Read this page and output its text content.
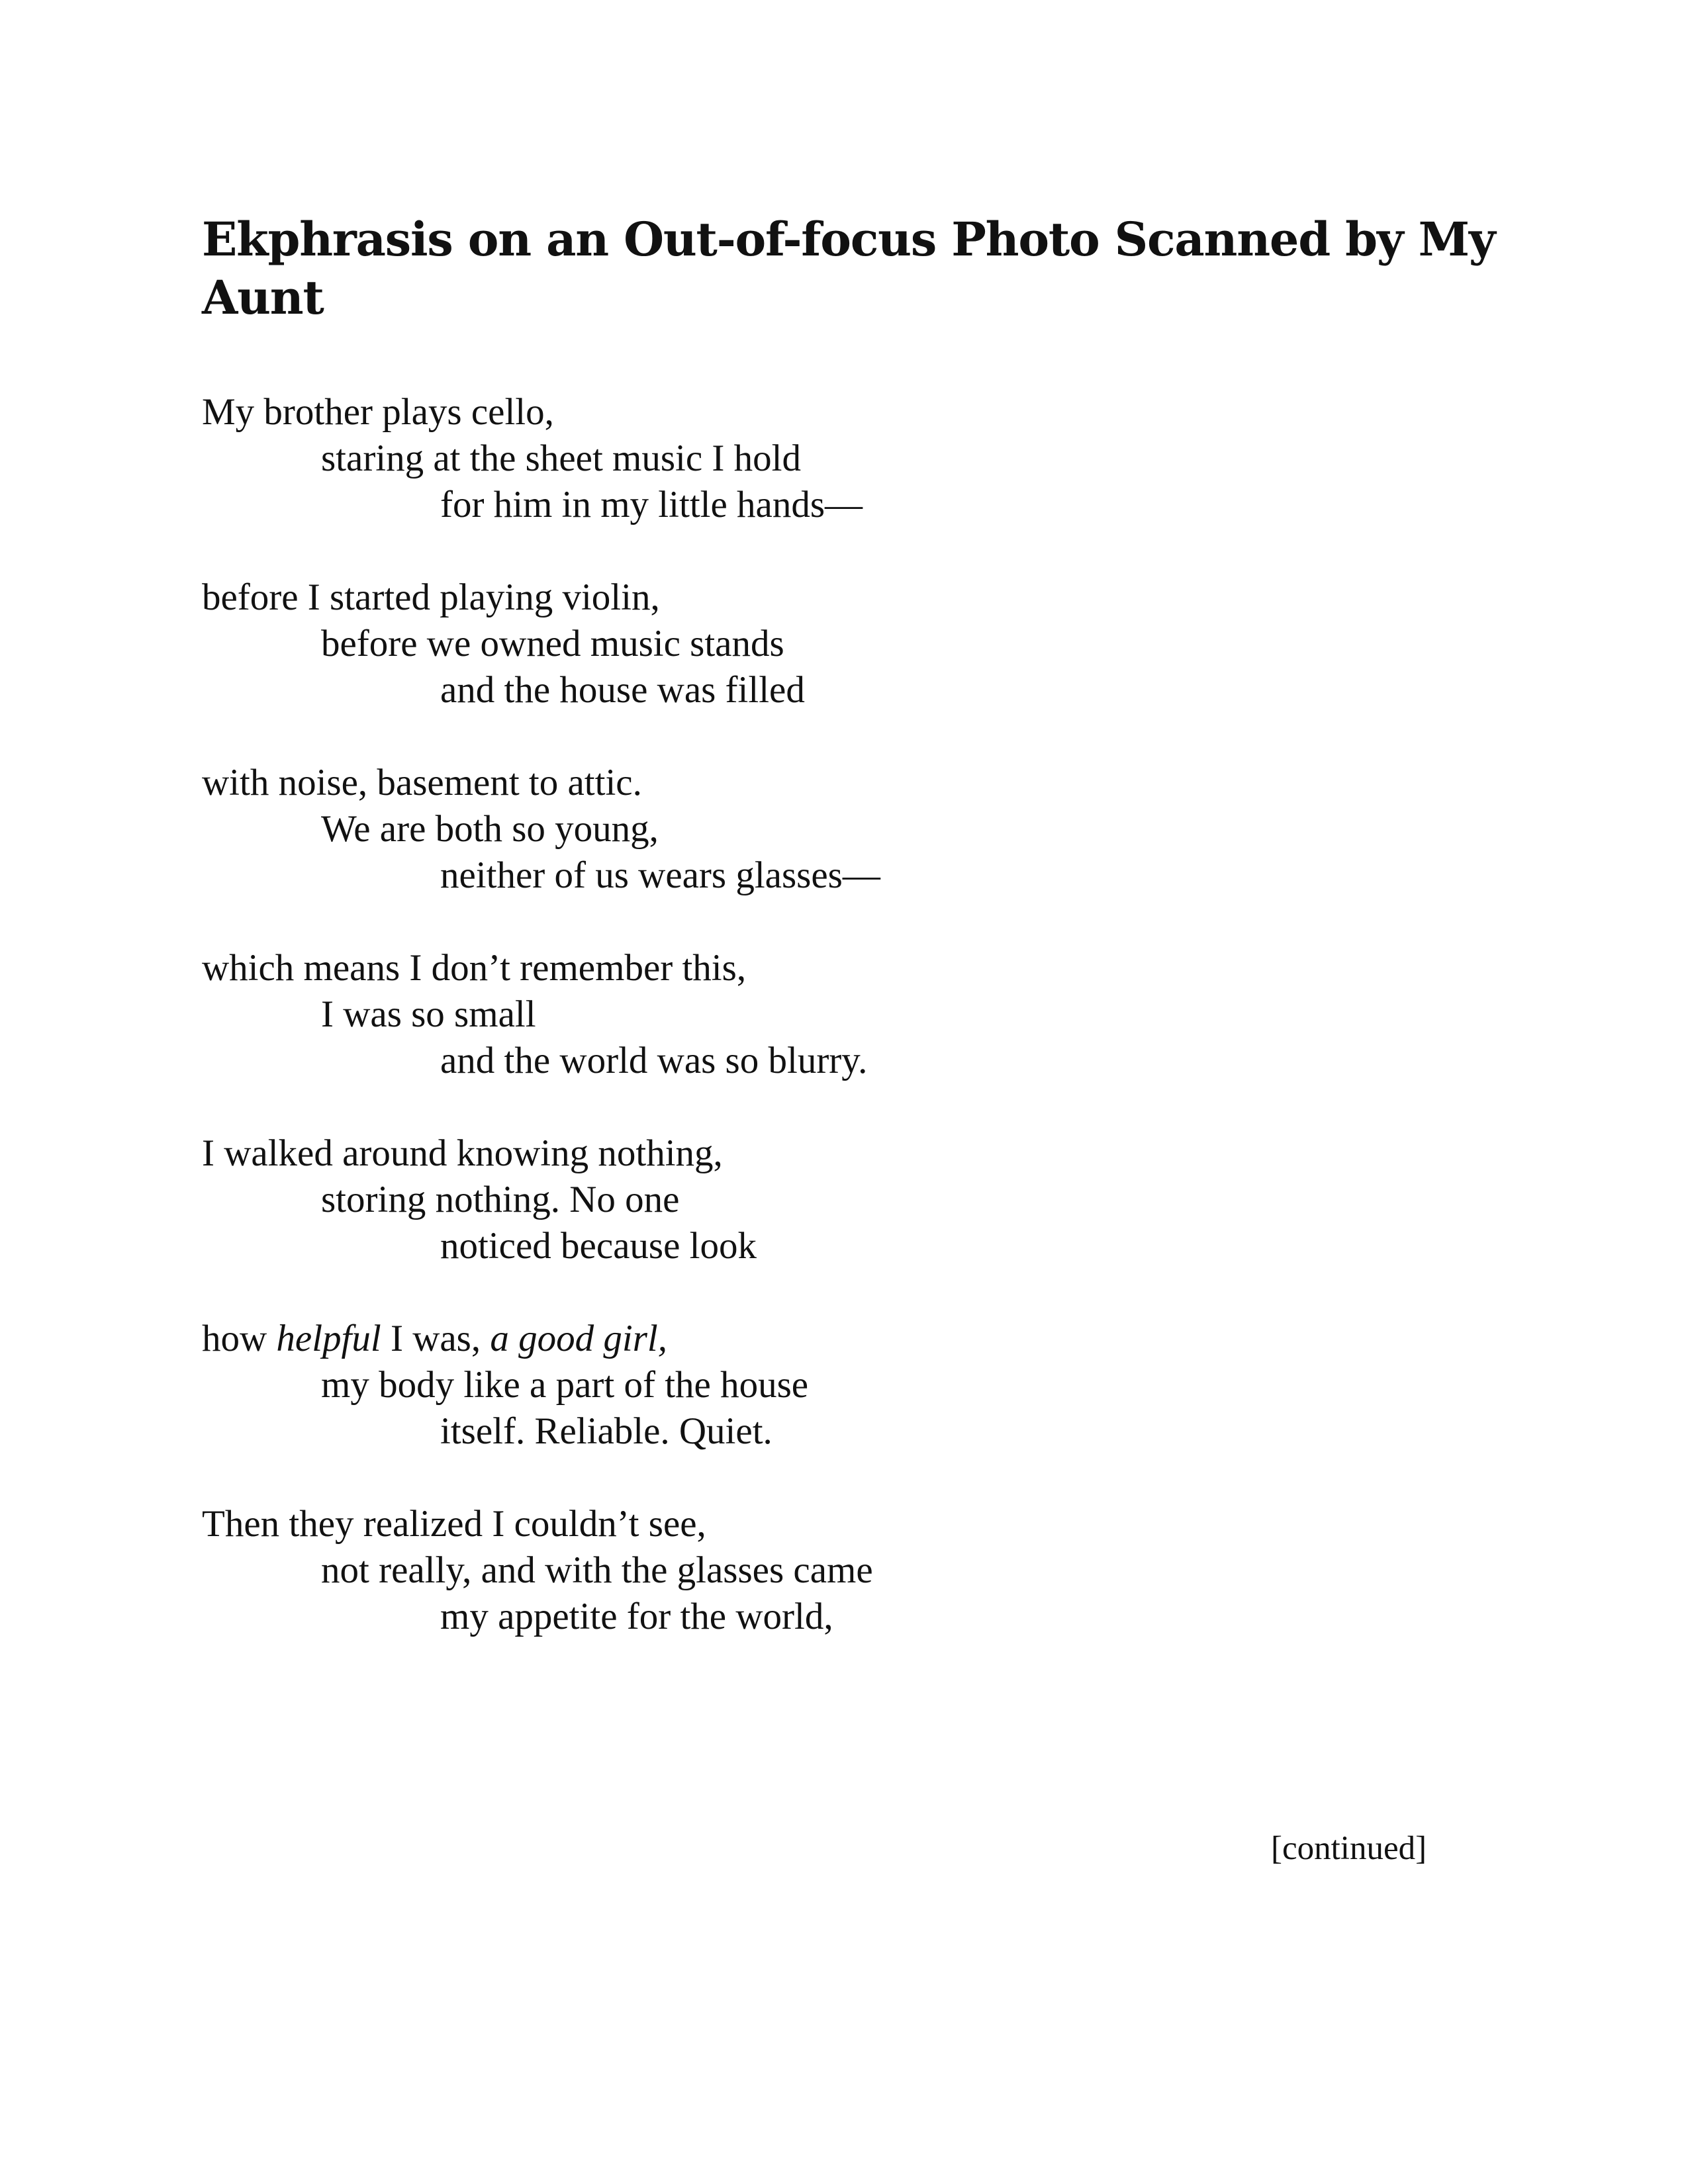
Ekphrasis on an Out-of-focus Photo Scanned by My Aunt
My brother plays cello,
staring at the sheet music I hold
for him in my little hands—
before I started playing violin,
before we owned music stands
and the house was filled
with noise, basement to attic.
We are both so young,
neither of us wears glasses—
which means I don’t remember this,
I was so small
and the world was so blurry.
I walked around knowing nothing,
storing nothing. No one
noticed because look
how helpful I was, a good girl,
my body like a part of the house
itself. Reliable. Quiet.
Then they realized I couldn’t see,
not really, and with the glasses came
my appetite for the world,
[continued]
